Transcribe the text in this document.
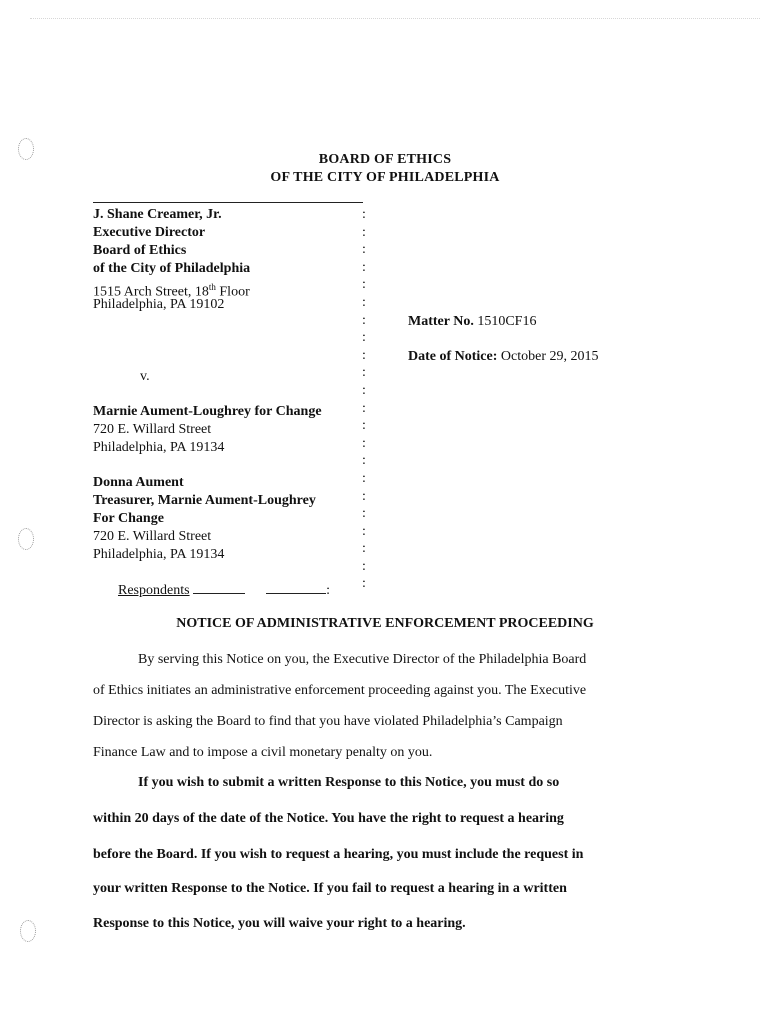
BOARD OF ETHICS
OF THE CITY OF PHILADELPHIA
J. Shane Creamer, Jr.
Executive Director
Board of Ethics
of the City of Philadelphia
1515 Arch Street, 18th Floor
Philadelphia, PA 19102
v.
Marnie Aument-Loughrey for Change
720 E. Willard Street
Philadelphia, PA 19134
Donna Aument
Treasurer, Marnie Aument-Loughrey
For Change
720 E. Willard Street
Philadelphia, PA 19134
:
:
:
:
:
:
:
:
:
:
:
:
:
:
:
:
:
:
:
:
:
:
Matter No. 1510CF16
Date of Notice: October 29, 2015
Respondents	:
NOTICE OF ADMINISTRATIVE ENFORCEMENT PROCEEDING
By serving this Notice on you, the Executive Director of the Philadelphia Board
of Ethics initiates an administrative enforcement proceeding against you. The Executive
Director is asking the Board to find that you have violated Philadelphia’s Campaign
Finance Law and to impose a civil monetary penalty on you.
If you wish to submit a written Response to this Notice, you must do so
within 20 days of the date of the Notice. You have the right to request a hearing
before the Board. If you wish to request a hearing, you must include the request in
your written Response to the Notice. If you fail to request a hearing in a written
Response to this Notice, you will waive your right to a hearing.
